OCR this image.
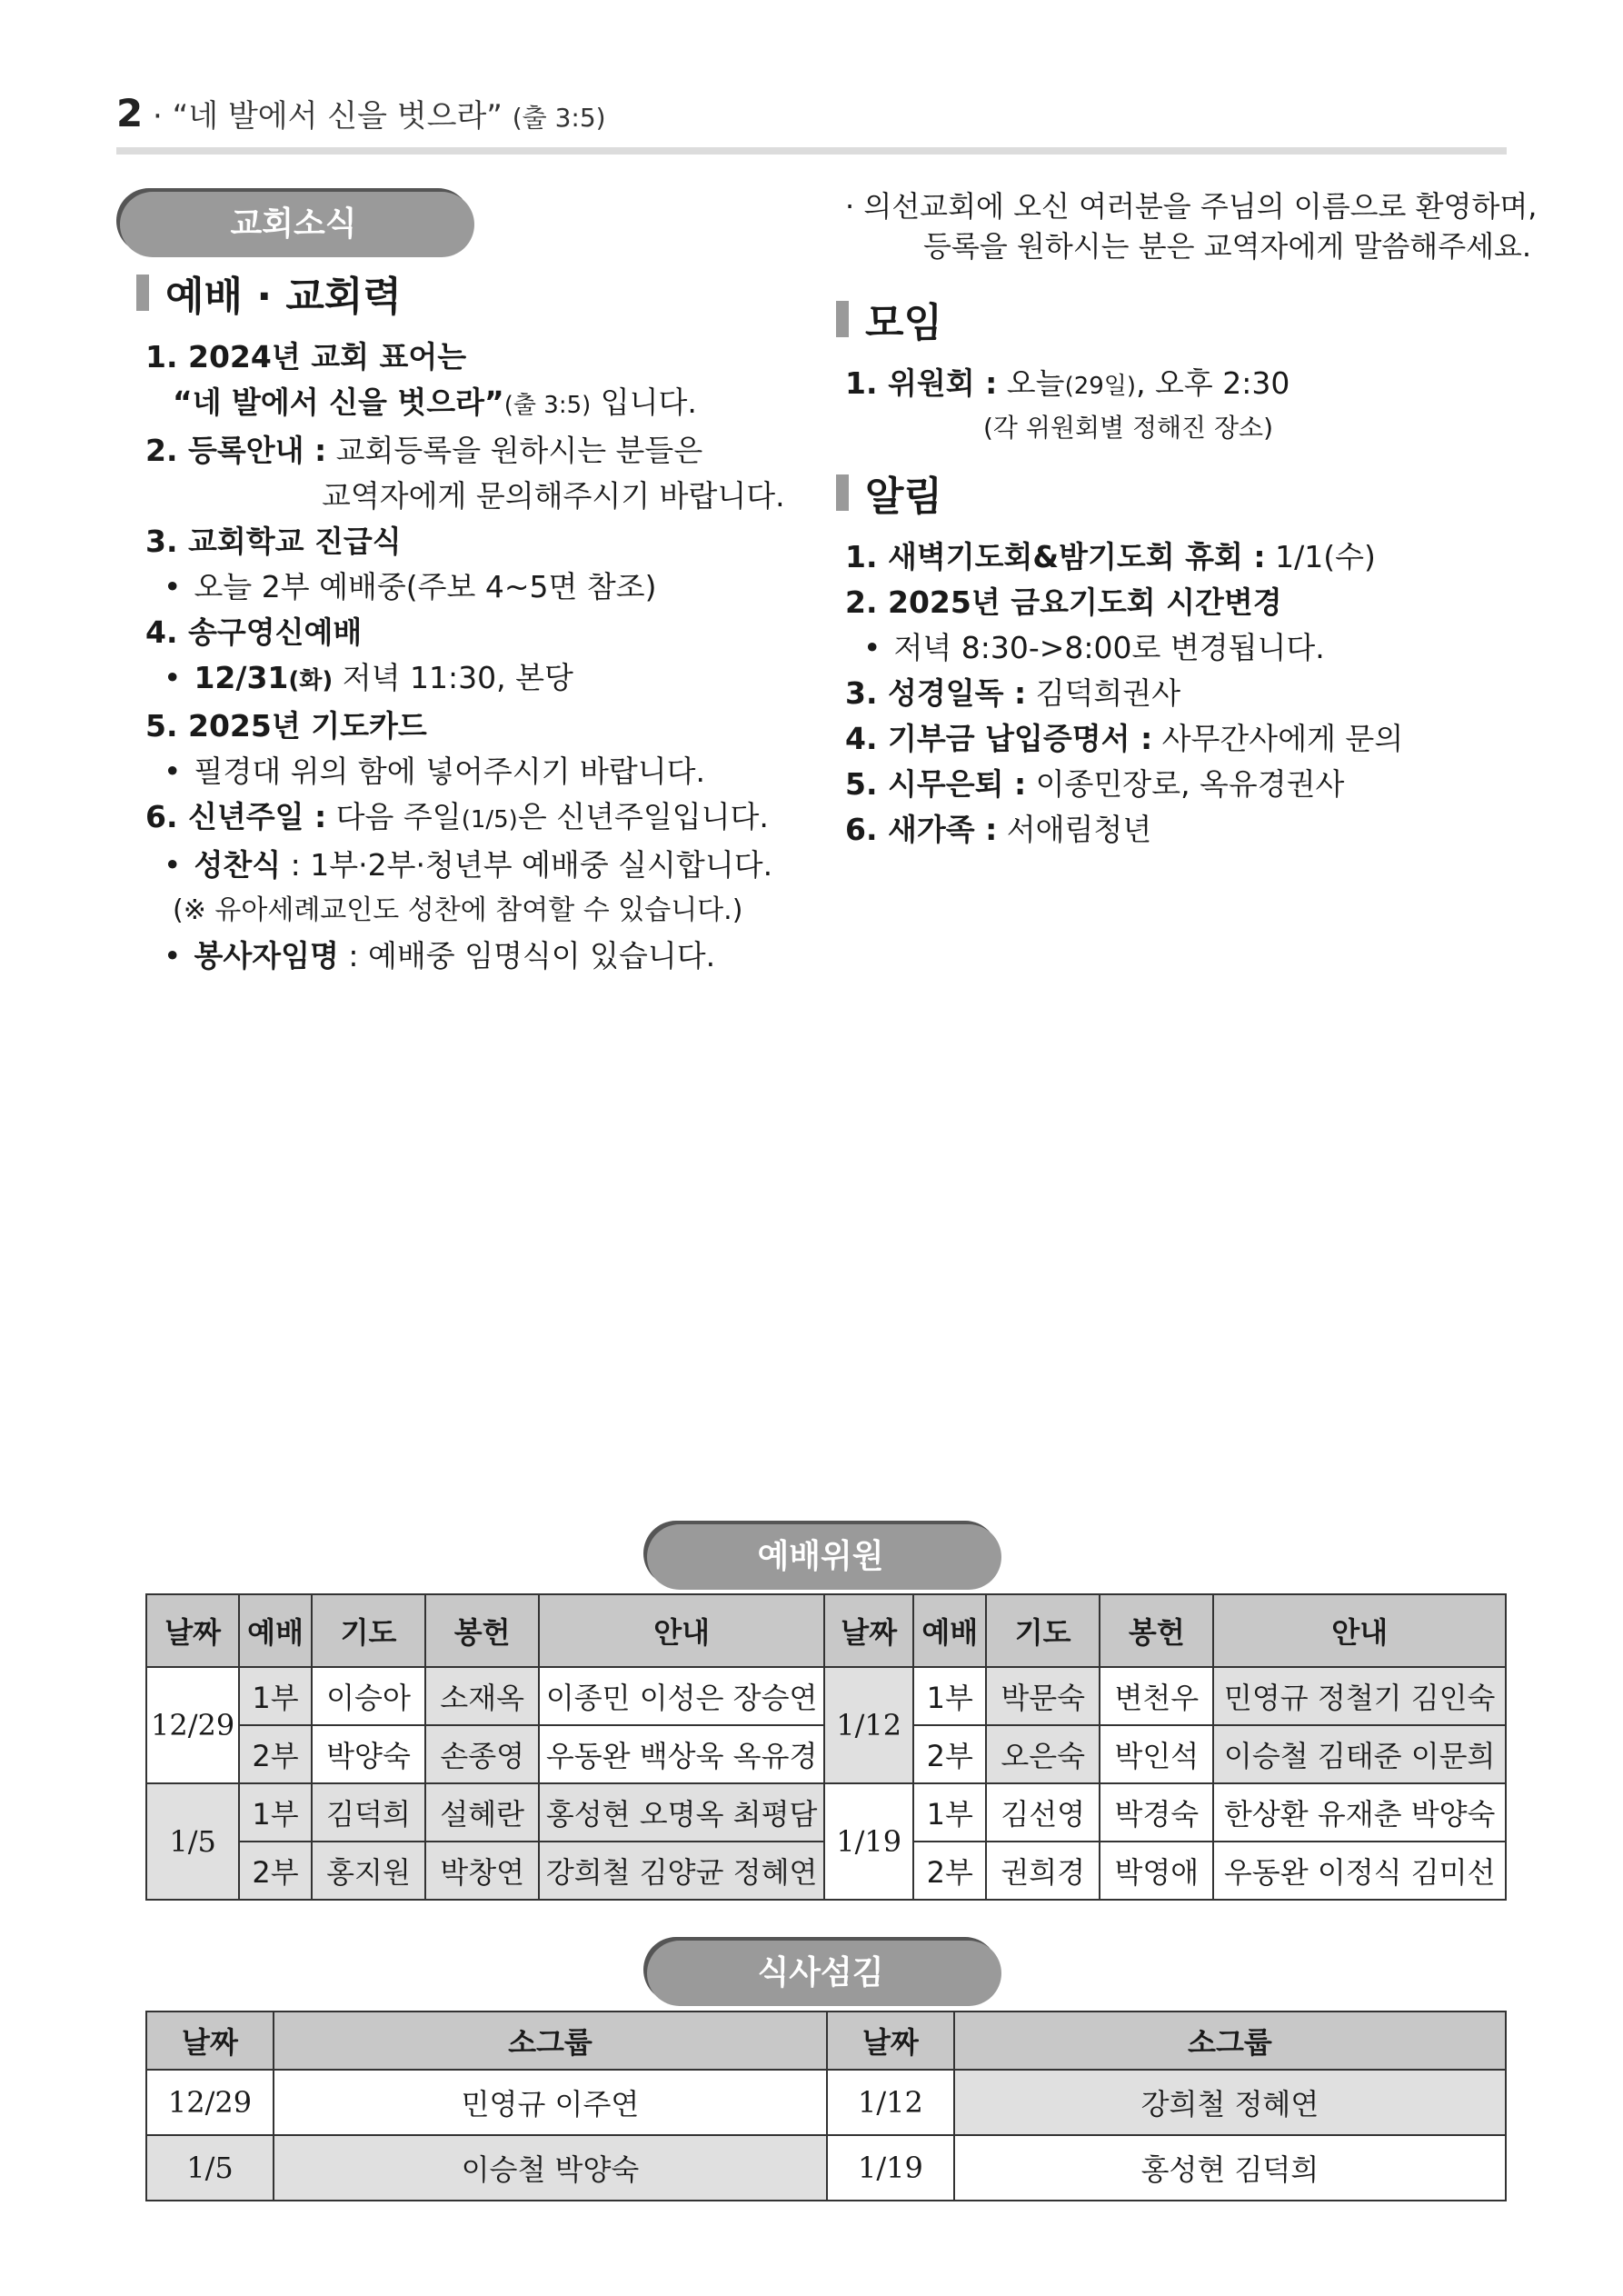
2 · “네 발에서 신을 벗으라” (출 3:5)
교회소식
예배 · 교회력
1. 2024년 교회 표어는
“네 발에서 신을 벗으라”(출 3:5) 입니다.
2. 등록안내 : 교회등록을 원하시는 분들은
교역자에게 문의해주시기 바랍니다.
3. 교회학교 진급식
• 오늘 2부 예배중(주보 4~5면 참조)
4. 송구영신예배
• 12/31(화) 저녁 11:30, 본당
5. 2025년 기도카드
• 필경대 위의 함에 넣어주시기 바랍니다.
6. 신년주일 : 다음 주일(1/5)은 신년주일입니다.
• 성찬식 : 1부·2부·청년부 예배중 실시합니다.
(※ 유아세례교인도 성찬에 참여할 수 있습니다.)
• 봉사자임명 : 예배중 임명식이 있습니다.
· 의선교회에 오신 여러분을 주님의 이름으로 환영하며,
등록을 원하시는 분은 교역자에게 말씀해주세요.
모임
1. 위원회 : 오늘(29일), 오후 2:30
(각 위원회별 정해진 장소)
알림
1. 새벽기도회&밤기도회 휴회 : 1/1(수)
2. 2025년 금요기도회 시간변경
• 저녁 8:30->8:00로 변경됩니다.
3. 성경일독 : 김덕희권사
4. 기부금 납입증명서 : 사무간사에게 문의
5. 시무은퇴 : 이종민장로, 옥유경권사
6. 새가족 : 서애림청년
예배위원
날짜	예배	기도	봉헌	안내	날짜	예배	기도	봉헌	안내
12/29	1부	이승아	소재옥	이종민 이성은 장승연	1/12	1부	박문숙	변천우	민영규 정철기 김인숙
	2부	박양숙	손종영	우동완 백상욱 옥유경		2부	오은숙	박인석	이승철 김태준 이문희
1/5	1부	김덕희	설혜란	홍성현 오명옥 최평담	1/19	1부	김선영	박경숙	한상환 유재춘 박양숙
	2부	홍지원	박창연	강희철 김양균 정혜연		2부	권희경	박영애	우동완 이정식 김미선
식사섬김
날짜	소그룹	날짜	소그룹
12/29	민영규 이주연	1/12	강희철 정혜연
1/5	이승철 박양숙	1/19	홍성현 김덕희
